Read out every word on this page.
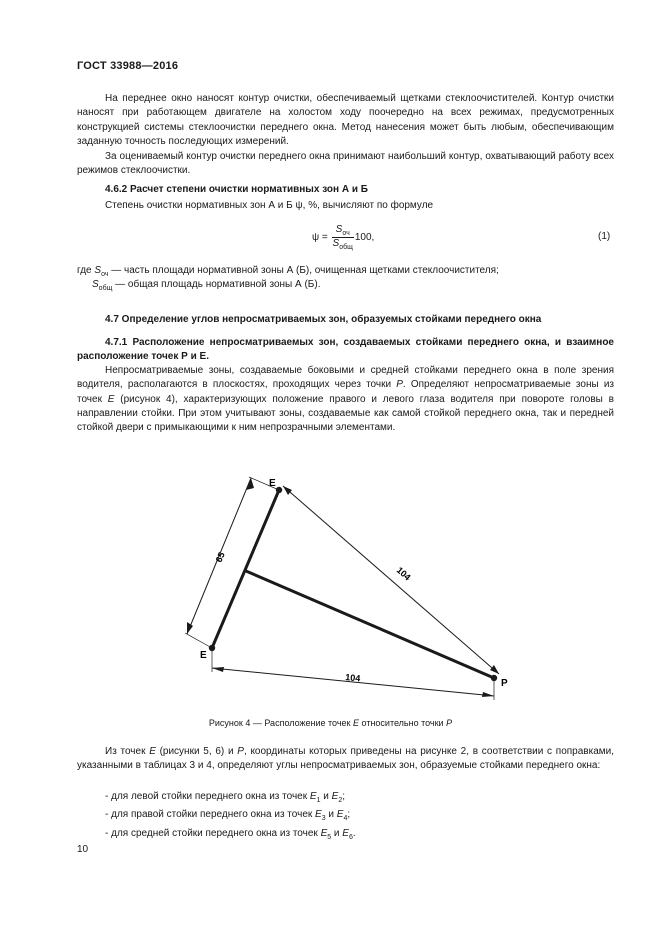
ГОСТ 33988—2016
На переднее окно наносят контур очистки, обеспечиваемый щетками стеклоочистителей. Контур очистки наносят при работающем двигателе на холостом ходу поочередно на всех режимах, предусмотренных конструкцией системы стеклоочистки переднего окна. Метод нанесения может быть любым, обеспечивающим заданную точность последующих измерений.
За оцениваемый контур очистки переднего окна принимают наибольший контур, охватывающий работу всех режимов стеклоочистки.
4.6.2 Расчет степени очистки нормативных зон А и Б
Степень очистки нормативных зон А и Б ψ, %, вычисляют по формуле
$\psi = \frac{S_{оч}}{S_{общ}} 100$,	(1)
где $S_{оч}$ — часть площади нормативной зоны А (Б), очищенная щетками стеклоочистителя;
$S_{общ}$ — общая площадь нормативной зоны А (Б).
4.7 Определение углов непросматриваемых зон, образуемых стойками переднего окна
4.7.1 Расположение непросматриваемых зон, создаваемых стойками переднего окна, и взаимное расположение точек Р и Е.
Непросматриваемые зоны, создаваемые боковыми и средней стойками переднего окна в поле зрения водителя, располагаются в плоскостях, проходящих через точки Р. Определяют непросматриваемые зоны из точек Е (рисунок 4), характеризующих положение правого и левого глаза водителя при повороте головы в направлении стойки. При этом учитывают зоны, создаваемые как самой стойкой переднего окна, так и передней стойкой двери с примыкающими к ним непрозрачными элементами.
65
104
104
E
E
P
Рисунок 4 — Расположение точек Е относительно точки Р
Из точек Е (рисунки 5, 6) и Р, координаты которых приведены на рисунке 2, в соответствии с поправками, указанными в таблицах 3 и 4, определяют углы непросматриваемых зон, образуемые стойками переднего окна:
- для левой стойки переднего окна из точек $E_1$ и $E_2$;
- для правой стойки переднего окна из точек $E_3$ и $E_4$;
- для средней стойки переднего окна из точек $E_5$ и $E_6$.
10
